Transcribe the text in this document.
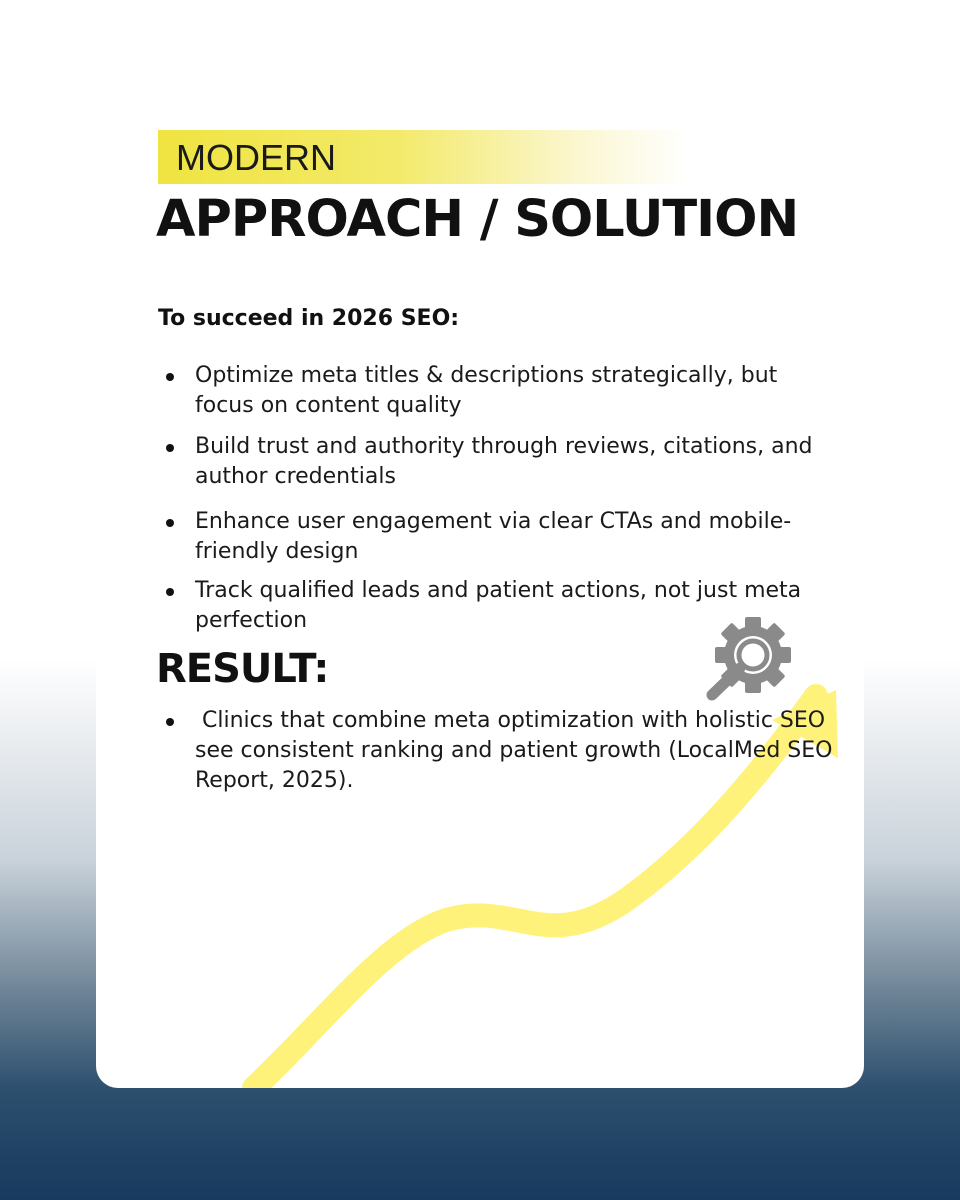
MODERN
APPROACH / SOLUTION
To succeed in 2026 SEO:
Optimize meta titles & descriptions strategically, but focus on content quality
Build trust and authority through reviews, citations, and author credentials
Enhance user engagement via clear CTAs and mobile-friendly design
Track qualified leads and patient actions, not just meta perfection
RESULT:
Clinics that combine meta optimization with holistic SEO see consistent ranking and patient growth (LocalMed SEO Report, 2025).
